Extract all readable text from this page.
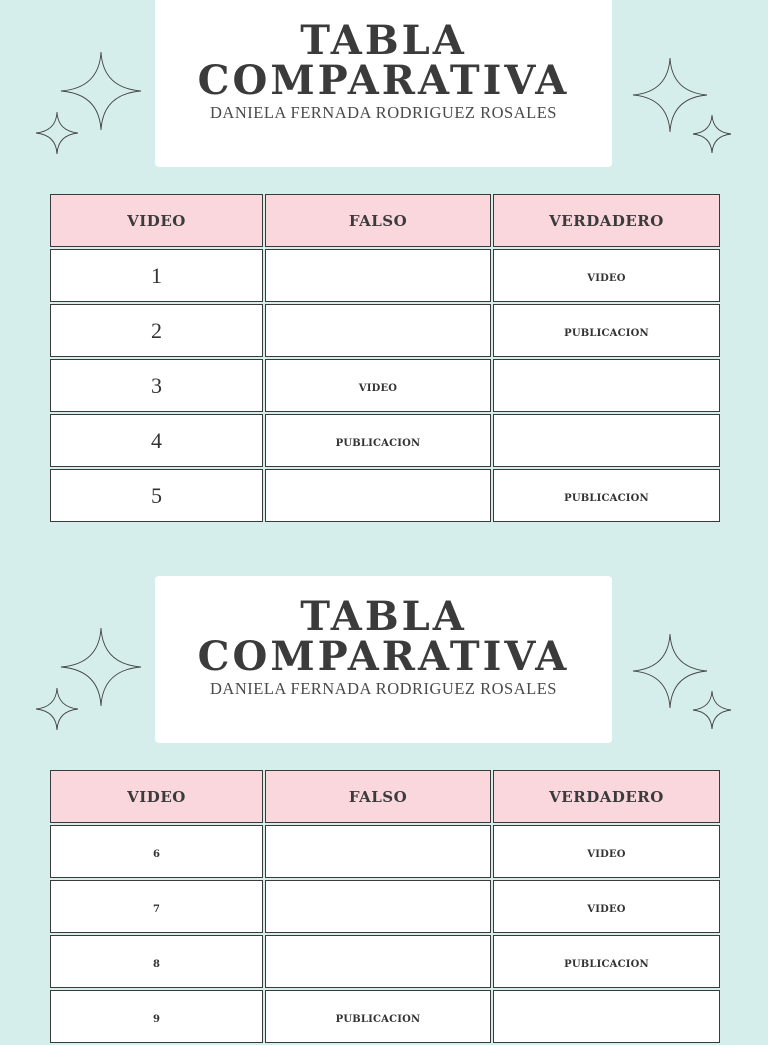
TABLA
COMPARATIVA
DANIELA FERNADA RODRIGUEZ ROSALES
VIDEO	FALSO	VERDADERO
1		VIDEO
2		PUBLICACION
3	VIDEO	
4	PUBLICACION	
5		PUBLICACION
TABLA
COMPARATIVA
DANIELA FERNADA RODRIGUEZ ROSALES
VIDEO	FALSO	VERDADERO
6		VIDEO
7		VIDEO
8		PUBLICACION
9	PUBLICACION	
